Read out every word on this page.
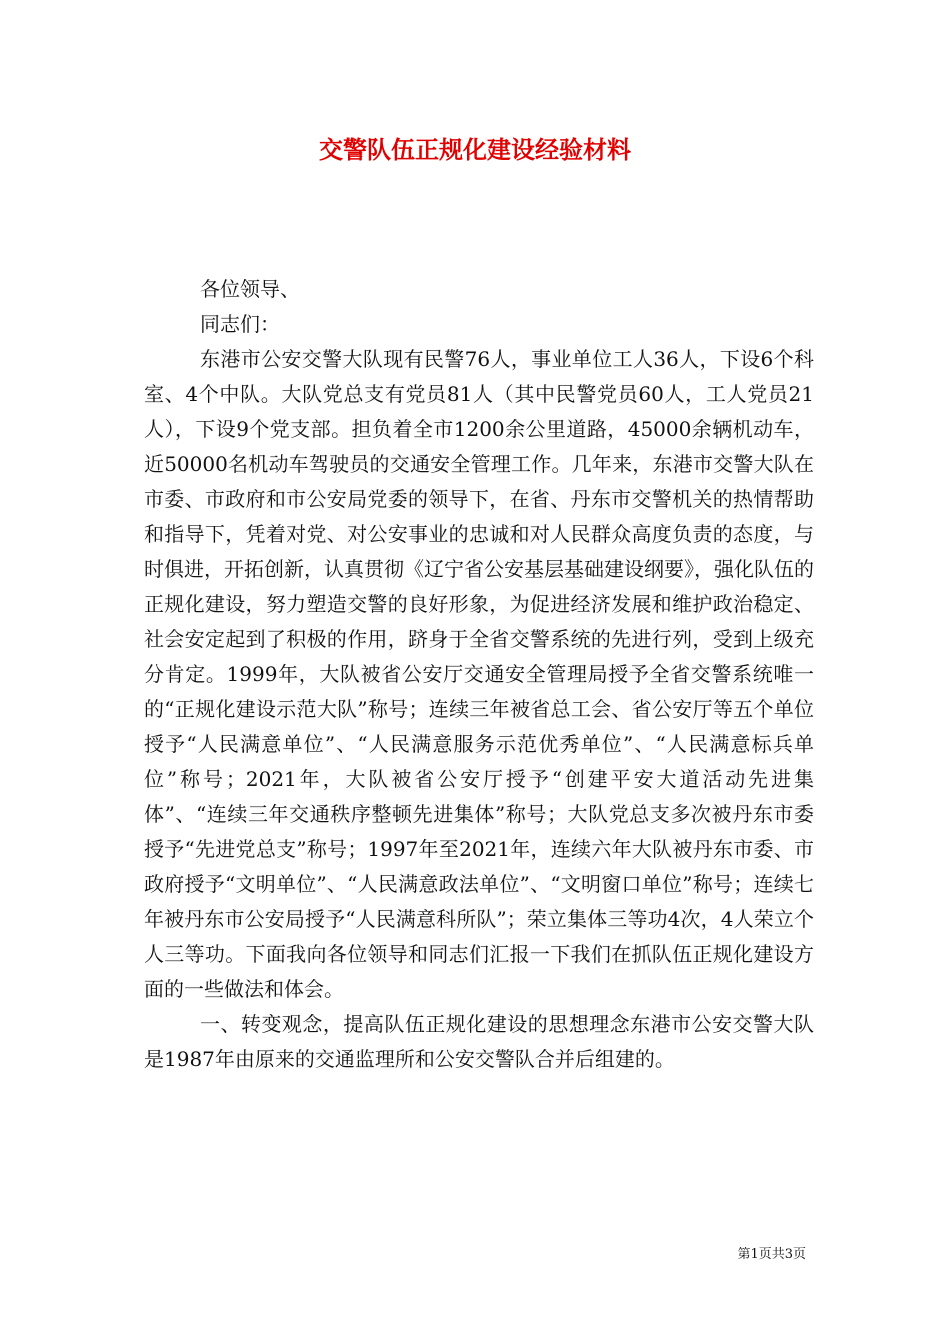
交警队伍正规化建设经验材料

各位领导、

同志们：

东港市公安交警大队现有民警76人，事业单位工人36人，下设6个科室、4个中队。大队党总支有党员81人（其中民警党员60人，工人党员21人），下设9个党支部。担负着全市1200余公里道路，45000余辆机动车，近50000名机动车驾驶员的交通安全管理工作。几年来，东港市交警大队在市委、市政府和市公安局党委的领导下，在省、丹东市交警机关的热情帮助和指导下，凭着对党、对公安事业的忠诚和对人民群众高度负责的态度，与时俱进，开拓创新，认真贯彻《辽宁省公安基层基础建设纲要》，强化队伍的正规化建设，努力塑造交警的良好形象，为促进经济发展和维护政治稳定、社会安定起到了积极的作用，跻身于全省交警系统的先进行列，受到上级充分肯定。1999年，大队被省公安厅交通安全管理局授予全省交警系统唯一的“正规化建设示范大队”称号；连续三年被省总工会、省公安厅等五个单位授予“人民满意单位”、“人民满意服务示范优秀单位”、“人民满意标兵单位”称号；2021年，大队被省公安厅授予“创建平安大道活动先进集体”、“连续三年交通秩序整顿先进集体”称号；大队党总支多次被丹东市委授予“先进党总支”称号；1997年至2021年，连续六年大队被丹东市委、市政府授予“文明单位”、“人民满意政法单位”、“文明窗口单位”称号；连续七年被丹东市公安局授予“人民满意科所队”；荣立集体三等功4次，4人荣立个人三等功。下面我向各位领导和同志们汇报一下我们在抓队伍正规化建设方面的一些做法和体会。

一、转变观念，提高队伍正规化建设的思想理念东港市公安交警大队是1987年由原来的交通监理所和公安交警队合并后组建的。

第1页共3页
